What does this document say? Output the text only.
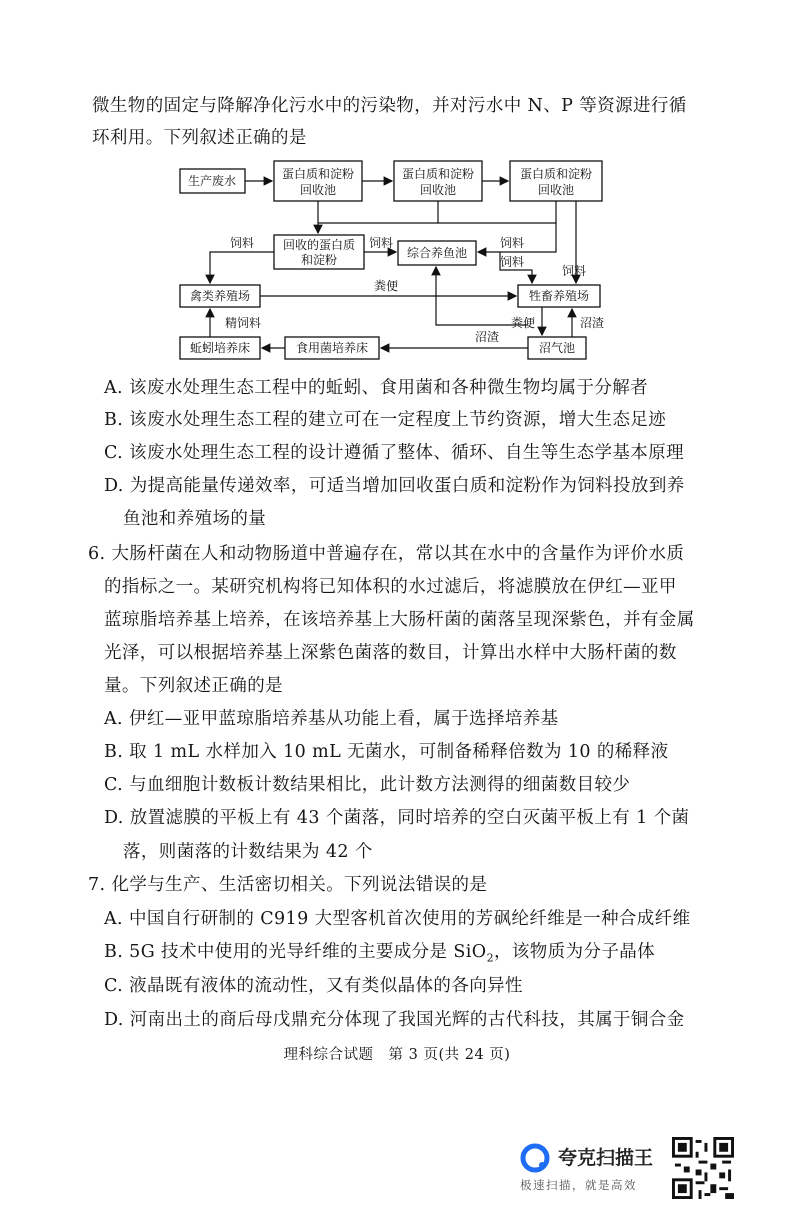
微生物的固定与降解净化污水中的污染物，并对污水中 N、P 等资源进行循
环利用。下列叙述正确的是
生产废水	蛋白质和淀粉
回收池
蛋白质和淀粉
回收池
蛋白质和淀粉
回收池
回收的蛋白质
和淀粉	综合养鱼池
禽类养殖场	牲畜养殖场
蚯蚓培养床	食用菌培养床	沼气池
饲料	饲料	饲料
饲料
饲料
粪便
精饲料	粪便	沼渣
沼渣
A. 该废水处理生态工程中的蚯蚓、食用菌和各种微生物均属于分解者
B. 该废水处理生态工程的建立可在一定程度上节约资源，增大生态足迹
C. 该废水处理生态工程的设计遵循了整体、循环、自生等生态学基本原理
D. 为提高能量传递效率，可适当增加回收蛋白质和淀粉作为饲料投放到养
鱼池和养殖场的量
6. 大肠杆菌在人和动物肠道中普遍存在，常以其在水中的含量作为评价水质
的指标之一。某研究机构将已知体积的水过滤后，将滤膜放在伊红—亚甲
蓝琼脂培养基上培养，在该培养基上大肠杆菌的菌落呈现深紫色，并有金属
光泽，可以根据培养基上深紫色菌落的数目，计算出水样中大肠杆菌的数
量。下列叙述正确的是
A. 伊红—亚甲蓝琼脂培养基从功能上看，属于选择培养基
B. 取 1 mL 水样加入 10 mL 无菌水，可制备稀释倍数为 10 的稀释液
C. 与血细胞计数板计数结果相比，此计数方法测得的细菌数目较少
D. 放置滤膜的平板上有 43 个菌落，同时培养的空白灭菌平板上有 1 个菌
落，则菌落的计数结果为 42 个
7. 化学与生产、生活密切相关。下列说法错误的是
A. 中国自行研制的 C919 大型客机首次使用的芳砜纶纤维是一种合成纤维
B. 5G 技术中使用的光导纤维的主要成分是 SiO$_2$，该物质为分子晶体
C. 液晶既有液体的流动性，又有类似晶体的各向异性
D. 河南出土的商后母戊鼎充分体现了我国光辉的古代科技，其属于铜合金
理科综合试题　第 3 页(共 24 页)
夸克扫描王
极速扫描，就是高效
